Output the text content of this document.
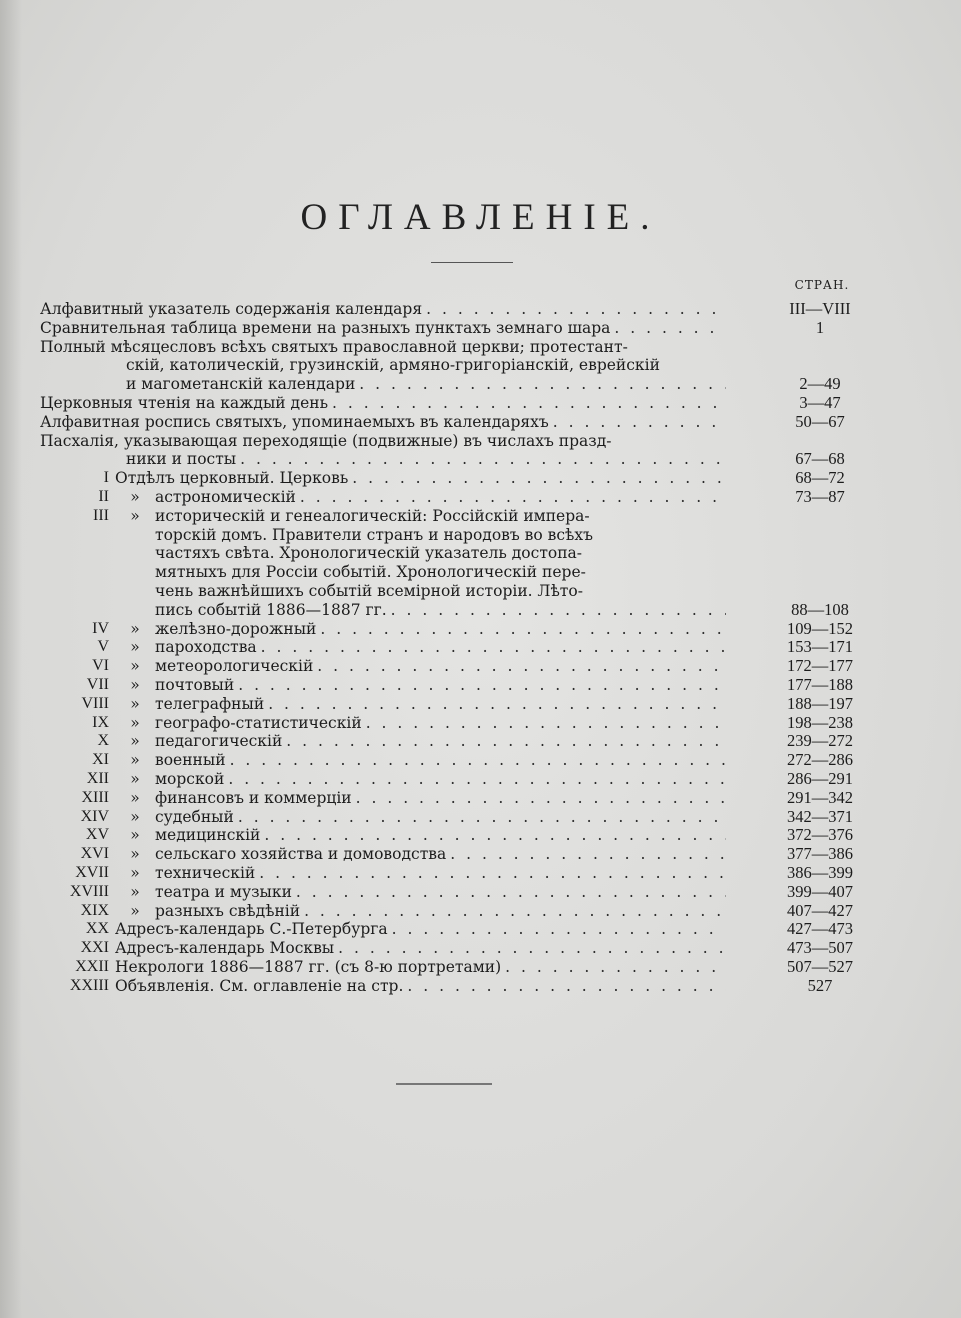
ОГЛАВЛЕНІЕ.
СТРАН.
Алфавитный указатель содержанія календаря . . .	III—VIII
Сравнительная таблица времени на разныхъ пунктахъ земнаго шара . . .	1
Полный мѣсяцесловъ всѣхъ святыхъ православной церкви; протестант-
скій, католическій, грузинскій, армяно-григоріанскій, еврейскій
и магометанскій календари . . .	2—49
Церковныя чтенія на каждый день . . .	3—47
Алфавитная роспись святыхъ, упоминаемыхъ въ календаряхъ . . .	50—67
Пасхалія, указывающая переходящіе (подвижные) въ числахъ празд-
ники и посты . . .	67—68
I Отдѣлъ церковный. Церковь . . .	68—72
II	» астрономическій . . .	73—87
III	» историческій и генеалогическій: Россійскій импера-
торскій домъ. Правители странъ и народовъ во всѣхъ
частяхъ свѣта. Хронологическій указатель достопа-
мятныхъ для Россіи событій. Хронологическій пере-
чень важнѣйшихъ событій всемірной исторіи. Лѣто-
пись событій 1886—1887 гг. . . .	88—108
IV	» желѣзно-дорожный . . .	109—152
V	» пароходства . . .	153—171
VI	» метеорологическій . . .	172—177
VII	» почтовый . . .	177—188
VIII	» телеграфный . . .	188—197
IX	» географо-статистическій . . .	198—238
X	» педагогическій . . .	239—272
XI	» военный . . .	272—286
XII	» морской . . .	286—291
XIII	» финансовъ и коммерціи . . .	291—342
XIV	» судебный . . .	342—371
XV	» медицинскій . . .	372—376
XVI	» сельскаго хозяйства и домоводства . . .	377—386
XVII	» техническій . . .	386—399
XVIII	» театра и музыки . . .	399—407
XIX	» разныхъ свѣдѣній . . .	407—427
XX Адресъ-календарь С.-Петербурга . . .	427—473
XXI Адресъ-календарь Москвы . . .	473—507
XXII Некрологи 1886—1887 гг. (съ 8-ю портретами) . . .	507—527
XXIII Объявленія. См. оглавленіе на стр. . . .	527
